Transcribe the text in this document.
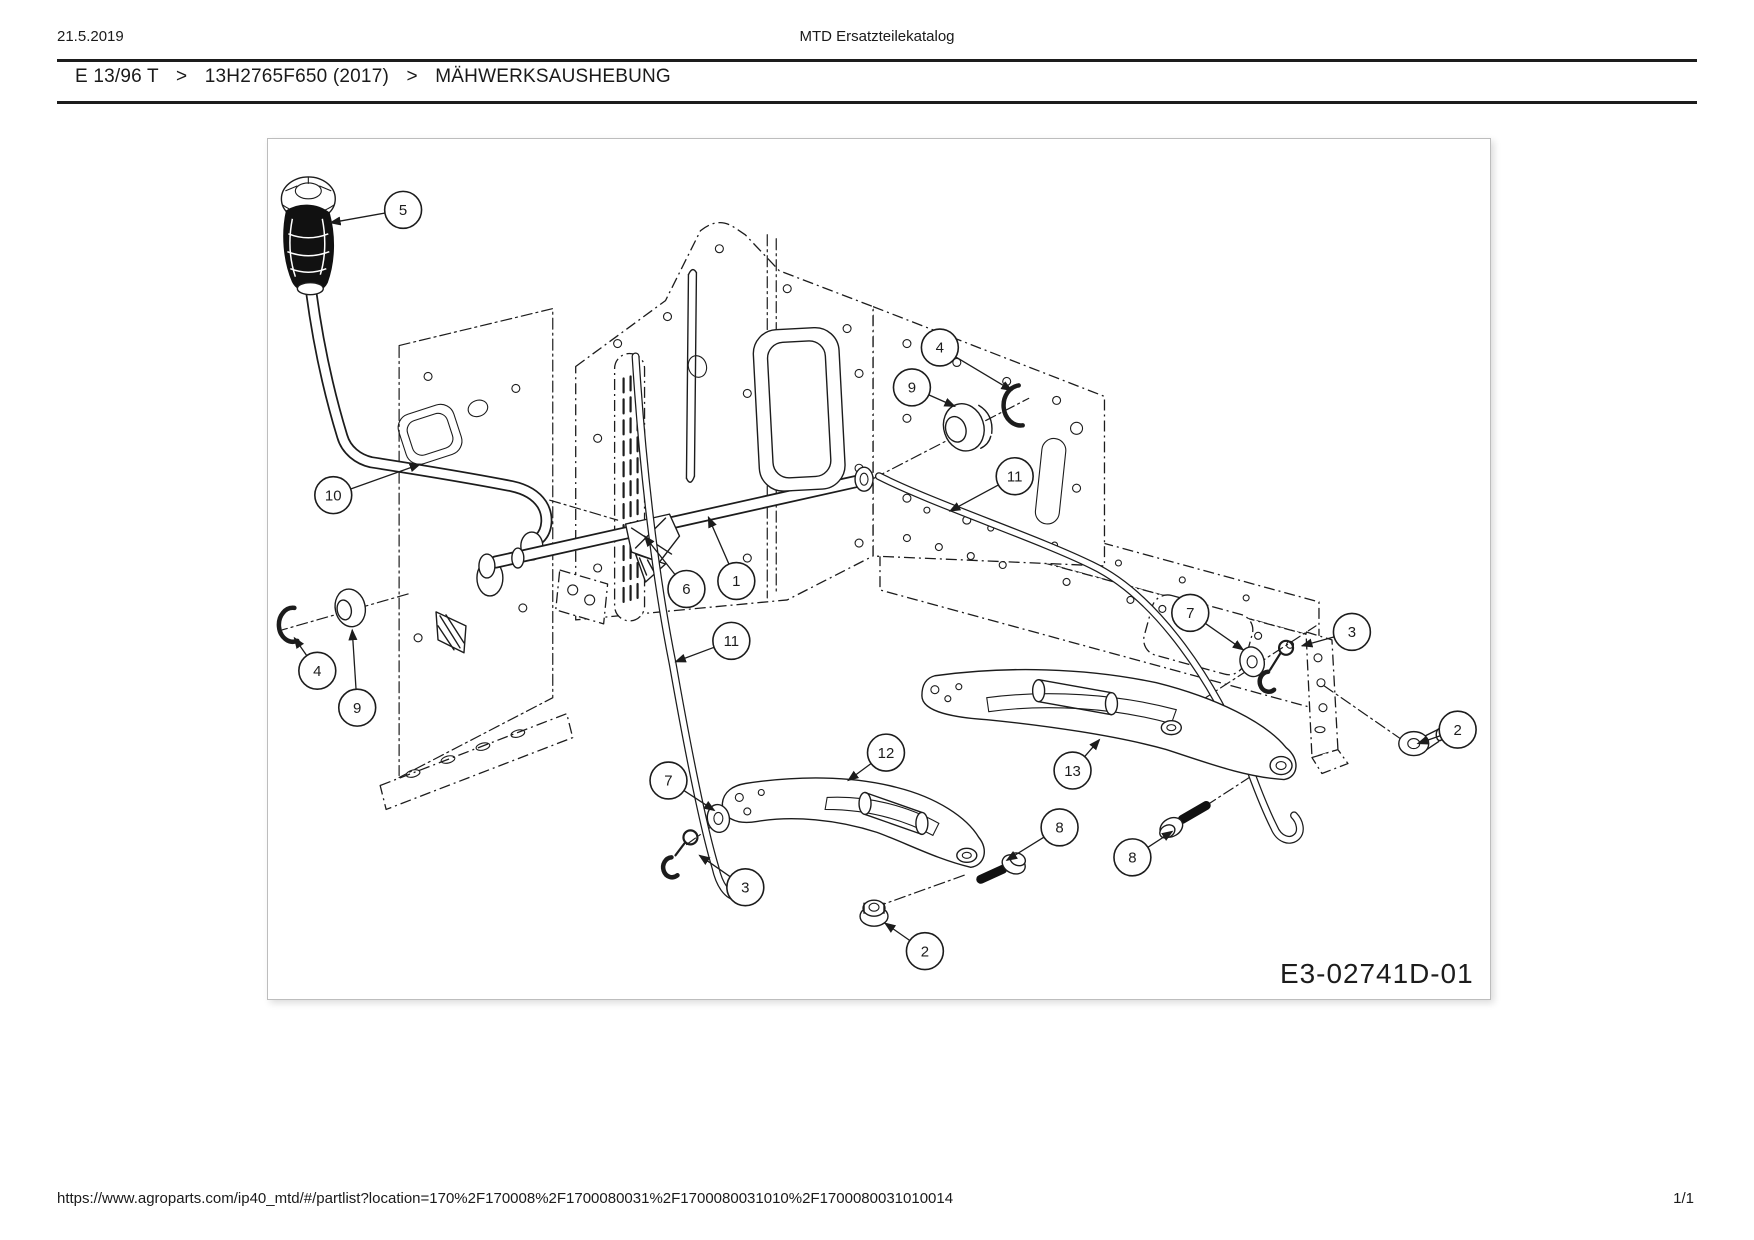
21.5.2019	MTD Ersatzteilekatalog
E 13/96 T > 13H2765F650 (2017) > MÄHWERKSAUSHEBUNG
5
4
9
11
10
1
6
7
3
4
9
11
2
12
13
7
8
8
3
2
E3-02741D-01
https://www.agroparts.com/ip40_mtd/#/partlist?location=170%2F170008%2F1700080031%2F1700080031010%2F1700080031010014	1/1
